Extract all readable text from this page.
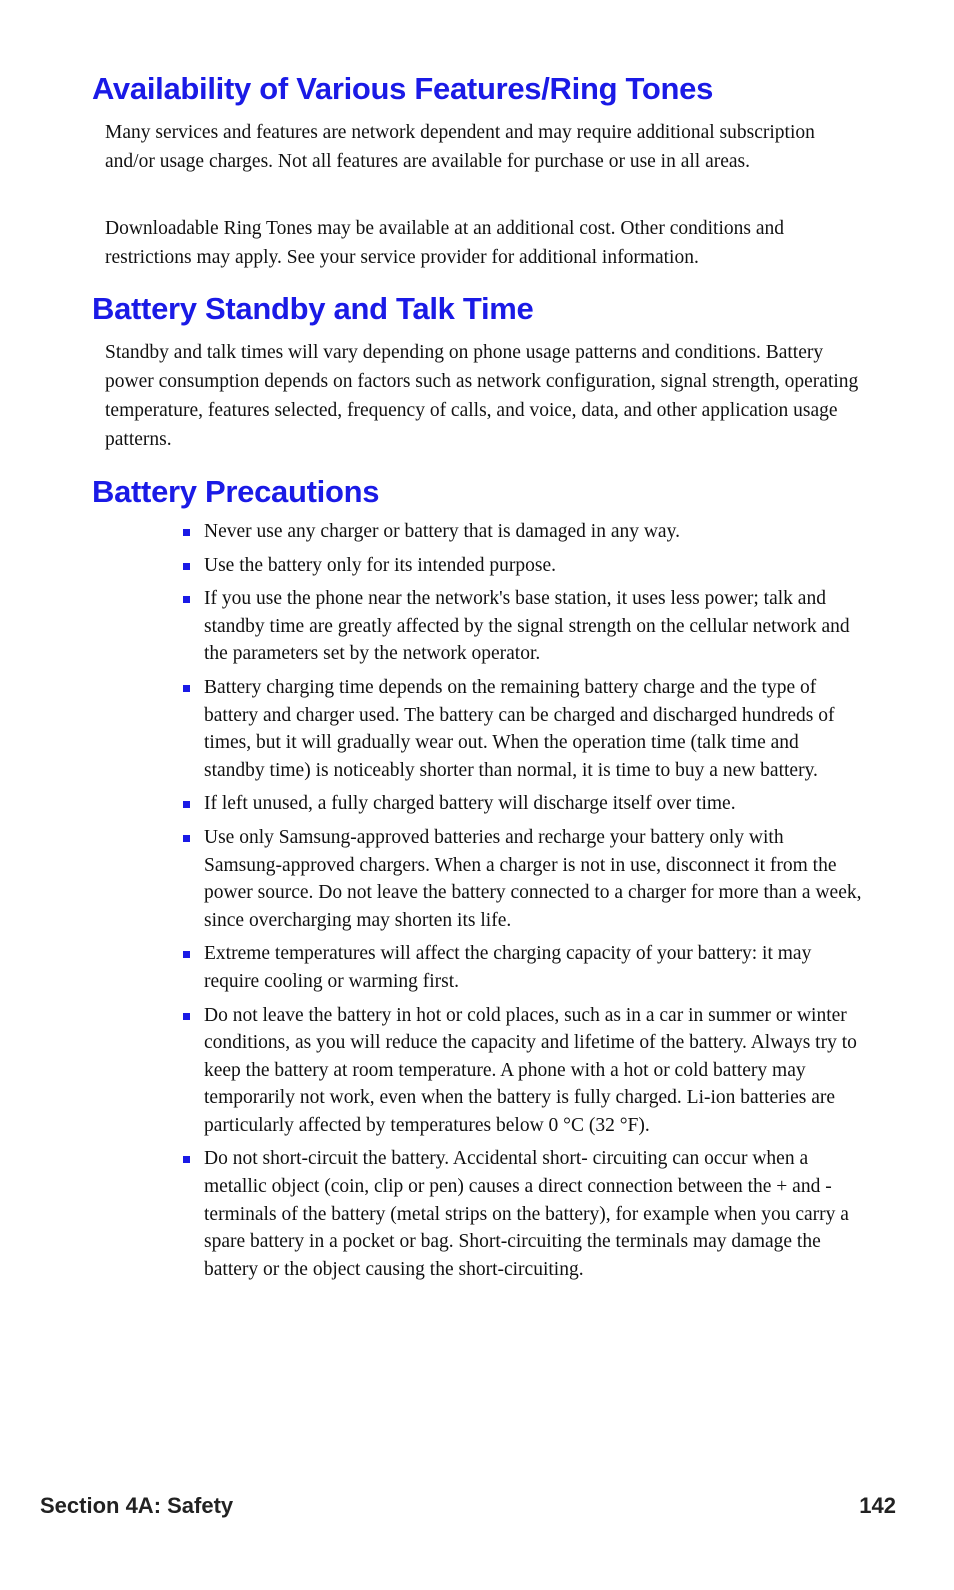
Availability of Various Features/Ring Tones

Many services and features are network dependent and may require additional subscription and/or usage charges. Not all features are available for purchase or use in all areas.

Downloadable Ring Tones may be available at an additional cost. Other conditions and restrictions may apply. See your service provider for additional information.

Battery Standby and Talk Time

Standby and talk times will vary depending on phone usage patterns and conditions. Battery power consumption depends on factors such as network configuration, signal strength, operating temperature, features selected, frequency of calls, and voice, data, and other application usage patterns.

Battery Precautions
Never use any charger or battery that is damaged in any way.
Use the battery only for its intended purpose.
If you use the phone near the network's base station, it uses less power; talk and standby time are greatly affected by the signal strength on the cellular network and the parameters set by the network operator.
Battery charging time depends on the remaining battery charge and the type of battery and charger used. The battery can be charged and discharged hundreds of times, but it will gradually wear out. When the operation time (talk time and standby time) is noticeably shorter than normal, it is time to buy a new battery.
If left unused, a fully charged battery will discharge itself over time.
Use only Samsung-approved batteries and recharge your battery only with Samsung-approved chargers. When a charger is not in use, disconnect it from the power source. Do not leave the battery connected to a charger for more than a week, since overcharging may shorten its life.
Extreme temperatures will affect the charging capacity of your battery: it may require cooling or warming first.
Do not leave the battery in hot or cold places, such as in a car in summer or winter conditions, as you will reduce the capacity and lifetime of the battery. Always try to keep the battery at room temperature. A phone with a hot or cold battery may temporarily not work, even when the battery is fully charged. Li-ion batteries are particularly affected by temperatures below 0 °C (32 °F).
Do not short-circuit the battery. Accidental short- circuiting can occur when a metallic object (coin, clip or pen) causes a direct connection between the + and - terminals of the battery (metal strips on the battery), for example when you carry a spare battery in a pocket or bag. Short-circuiting the terminals may damage the battery or the object causing the short-circuiting.

Section 4A: Safety	142
